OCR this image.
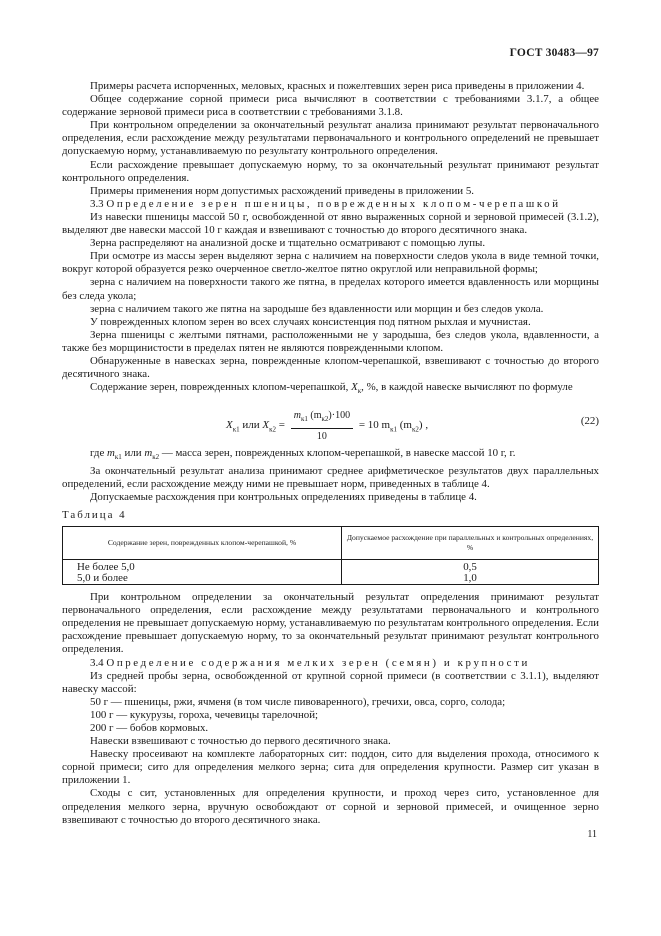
ГОСТ 30483—97

Примеры расчета испорченных, меловых, красных и пожелтевших зерен риса приведены в приложении 4.

Общее содержание сорной примеси риса вычисляют в соответствии с требованиями 3.1.7, а общее содержание зерновой примеси риса в соответствии с требованиями 3.1.8.

При контрольном определении за окончательный результат анализа принимают результат первоначального определения, если расхождение между результатами первоначального и контрольного определений не превышает допускаемую норму, устанавливаемую по результату контрольного определения.

Если расхождение превышает допускаемую норму, то за окончательный результат принимают результат контрольного определения.

Примеры применения норм допустимых расхождений приведены в приложении 5.

3.3 Определение зерен пшеницы, поврежденных клопом-черепашкой

Из навески пшеницы массой 50 г, освобожденной от явно выраженных сорной и зерновой примесей (3.1.2), выделяют две навески массой 10 г каждая и взвешивают с точностью до второго десятичного знака.

Зерна распределяют на анализной доске и тщательно осматривают с помощью лупы.

При осмотре из массы зерен выделяют зерна с наличием на поверхности следов укола в виде темной точки, вокруг которой образуется резко очерченное светло-желтое пятно округлой или неправильной формы;

зерна с наличием на поверхности такого же пятна, в пределах которого имеется вдавленность или морщины без следа укола;

зерна с наличием такого же пятна на зародыше без вдавленности или морщин и без следов укола.

У поврежденных клопом зерен во всех случаях консистенция под пятном рыхлая и мучнистая.

Зерна пшеницы с желтыми пятнами, расположенными не у зародыша, без следов укола, вдавленности, а также без морщинистости в пределах пятен не являются поврежденными клопом.

Обнаруженные в навесках зерна, поврежденные клопом-черепашкой, взвешивают с точностью до второго десятичного знака.

Содержание зерен, поврежденных клопом-черепашкой, $X_к$, %, в каждой навеске вычисляют по формуле

$X_{к1}$ или $X_{к2} = \frac{m_{к1} (m_{к2})\cdot 100}{10} = 10$ $m_{к1}$ $(m_{к2})$ ,	(22)

где $m_{к1}$ или $m_{к2}$ — масса зерен, поврежденных клопом-черепашкой, в навеске массой 10 г, г.

За окончательный результат анализа принимают среднее арифметическое результатов двух параллельных определений, если расхождение между ними не превышает норм, приведенных в таблице 4.

Допускаемые расхождения при контрольных определениях приведены в таблице 4.

Таблица 4

Содержание зерен, поврежденных клопом-черепашкой, %	Допускаемое расхождение при параллельных и контрольных определениях, %
Не более 5,0	0,5
5,0 и более	1,0

При контрольном определении за окончательный результат определения принимают результат первоначального определения, если расхождение между результатами первоначального и контрольного определения не превышает допускаемую норму, устанавливаемую по результатам контрольного определения. Если расхождение превышает допускаемую норму, то за окончательный результат принимают результат контрольного определения.

3.4 Определение содержания мелких зерен (семян) и крупности

Из средней пробы зерна, освобожденной от крупной сорной примеси (в соответствии с 3.1.1), выделяют навеску массой:

50 г — пшеницы, ржи, ячменя (в том числе пивоваренного), гречихи, овса, сорго, солода;

100 г — кукурузы, гороха, чечевицы тарелочной;

200 г — бобов кормовых.

Навески взвешивают с точностью до первого десятичного знака.

Навеску просеивают на комплекте лабораторных сит: поддон, сито для выделения прохода, относимого к сорной примеси; сито для определения мелкого зерна; сита для определения крупности. Размер сит указан в приложении 1.

Сходы с сит, установленных для определения крупности, и проход через сито, установленное для определения мелкого зерна, вручную освобождают от сорной и зерновой примесей, и очищенное зерно взвешивают с точностью до второго десятичного знака.

11
